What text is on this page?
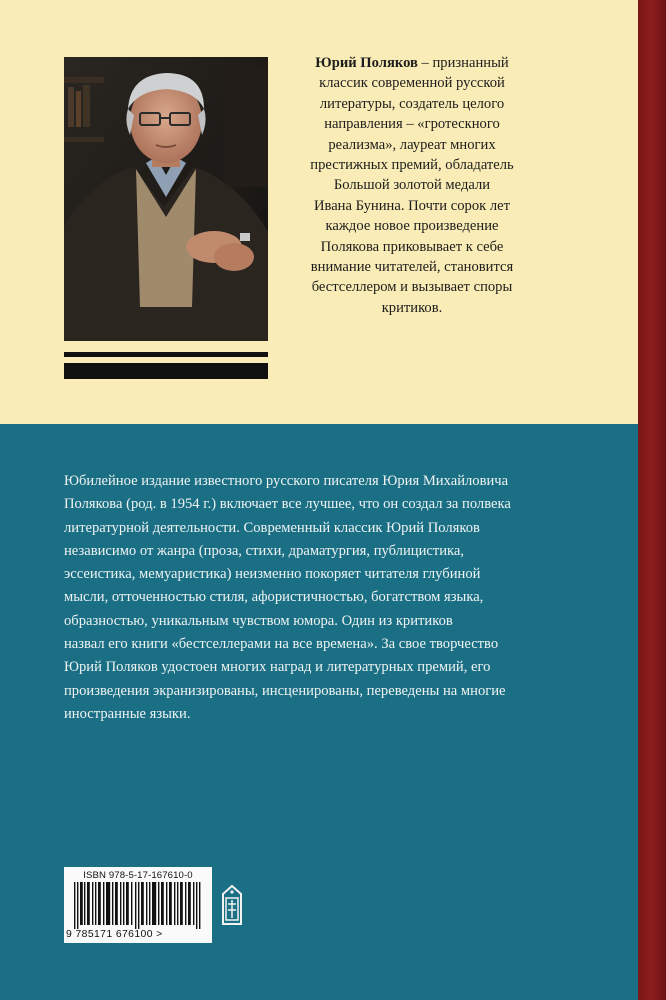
Юрий Поляков – признанный
классик современной русской
литературы, создатель целого
направления – «гротескного
реализма», лауреат многих
престижных премий, обладатель
Большой золотой медали
Ивана Бунина. Почти сорок лет
каждое новое произведение
Полякова приковывает к себе
внимание читателей, становится
бестселлером и вызывает споры
критиков.
Юбилейное издание известного русского писателя Юрия Михайловича
Полякова (род. в 1954 г.) включает все лучшее, что он создал за полвека
литературной деятельности. Современный классик Юрий Поляков
независимо от жанра (проза, стихи, драматургия, публицистика,
эссеистика, мемуаристика) неизменно покоряет читателя глубиной
мысли, отточенностью стиля, афористичностью, богатством языка,
образностью, уникальным чувством юмора. Один из критиков
назвал его книги «бестселлерами на все времена». За свое творчество
Юрий Поляков удостоен многих наград и литературных премий, его
произведения экранизированы, инсценированы, переведены на многие
иностранные языки.
ISBN 978-5-17-167610-0
9 785171 676100 >
